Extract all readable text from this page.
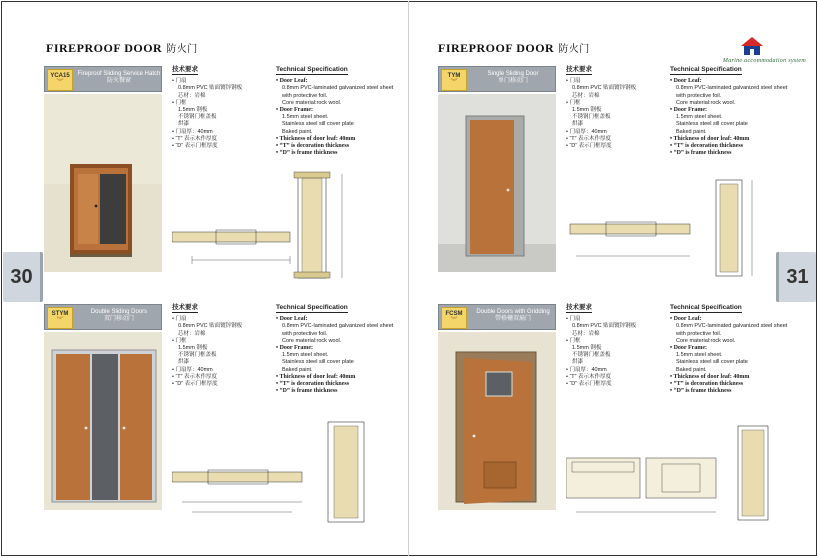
FIREPROOF DOOR 防火门	FIREPROOF DOOR 防火门
Marine accommodation system
30	31
YCA15
︾
Fireproof Sliding Service Hatch
防火餐窗
技术要求
• 门扇
0.8mm PVC 贴面镀锌钢板
芯材：岩棉
• 门框
1.5mm 钢板
不锈钢门框盖板
烘漆
• 门扇厚：40mm
• “T” 表示木作厚度
• “D” 表示门框厚度
Technical Specification

• Door Leaf:
0.8mm PVC-laminated galvanized steel sheet
with protective foil.
Core material:rock wool.
• Door Frame:
1.5mm steel sheet.
Stainless steel sill cover plate
Baked paint.
• Thickness of door leaf: 40mm
• “T” is decoration thickness
• “D” is frame thickness
STYM
︾
Double Sliding Doors
双门移动门
技术要求
• 门扇
0.8mm PVC 贴面镀锌钢板
芯材：岩棉
• 门框
1.5mm 钢板
不锈钢门框盖板
烘漆
• 门扇厚：40mm
• “T” 表示木作厚度
• “D” 表示门框厚度
Technical Specification

• Door Leaf:
0.8mm PVC-laminated galvanized steel sheet
with protective foil.
Core material:rock wool.
• Door Frame:
1.5mm steel sheet.
Stainless steel sill cover plate
Baked paint.
• Thickness of door leaf: 40mm
• “T” is decoration thickness
• “D” is frame thickness
TYM
︾
Single Sliding Door
单门移动门
技术要求
• 门扇
0.8mm PVC 贴面镀锌钢板
芯材：岩棉
• 门框
1.5mm 钢板
不锈钢门框盖板
烘漆
• 门扇厚：40mm
• “T” 表示木作厚度
• “D” 表示门框厚度
Technical Specification

• Door Leaf:
0.8mm PVC-laminated galvanized steel sheet
with protective foil.
Core material:rock wool.
• Door Frame:
1.5mm steel sheet.
Stainless steel sill cover plate
Baked paint.
• Thickness of door leaf: 40mm
• “T” is decoration thickness
• “D” is frame thickness
FCSM
︾
Double Doors with Gridding
带格栅双扇门
技术要求
• 门扇
0.8mm PVC 贴面镀锌钢板
芯材：岩棉
• 门框
1.5mm 钢板
不锈钢门框盖板
烘漆
• 门扇厚：40mm
• “T” 表示木作厚度
• “D” 表示门框厚度
Technical Specification

• Door Leaf:
0.8mm PVC-laminated galvanized steel sheet
with protective foil.
Core material:rock wool.
• Door Frame:
1.5mm steel sheet.
Stainless steel sill cover plate
Baked paint.
• Thickness of door leaf: 40mm
• “T” is decoration thickness
• “D” is frame thickness
